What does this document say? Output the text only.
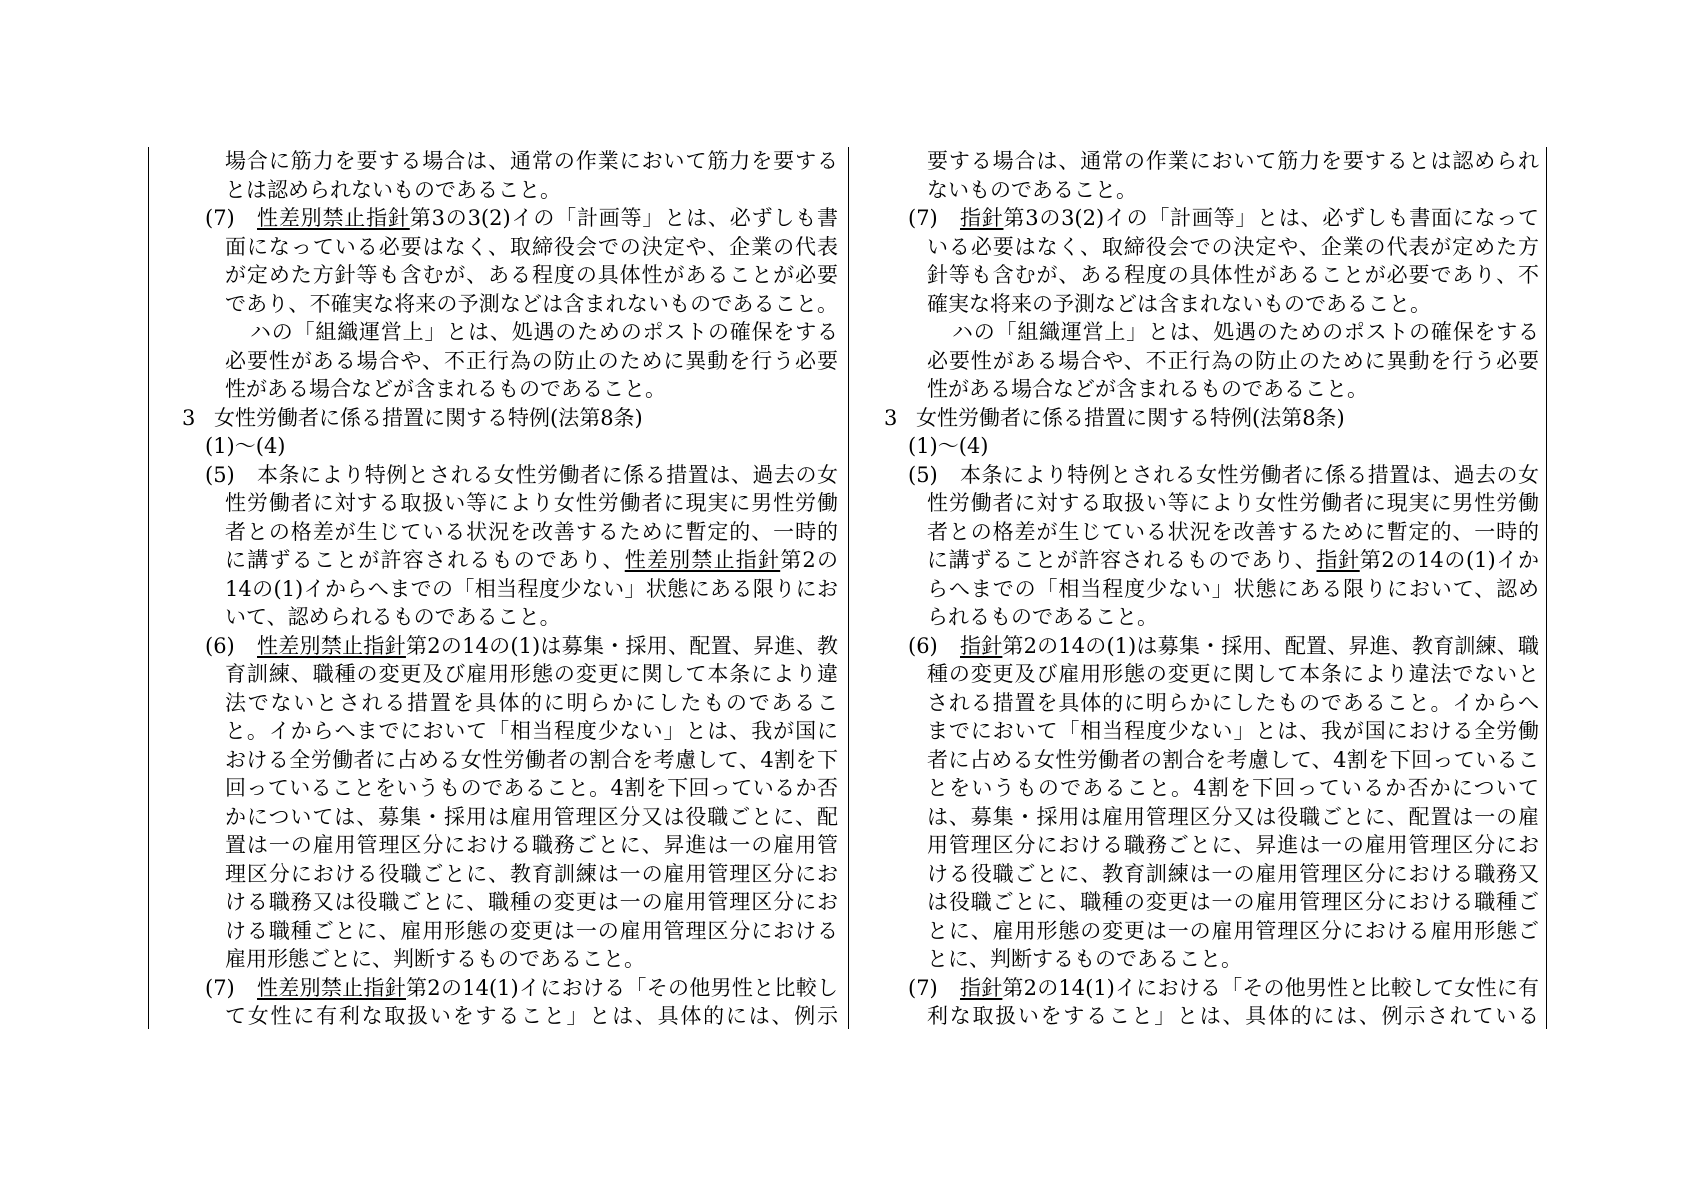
場合に筋力を要する場合は、通常の作業において筋力を要する
とは認められないものであること。
(7) 性差別禁止指針第3の3(2)イの「計画等」とは、必ずしも書
面になっている必要はなく、取締役会での決定や、企業の代表
が定めた方針等も含むが、ある程度の具体性があることが必要
であり、不確実な将来の予測などは含まれないものであること。
ハの「組織運営上」とは、処遇のためのポストの確保をする
必要性がある場合や、不正行為の防止のために異動を行う必要
性がある場合などが含まれるものであること。
3 女性労働者に係る措置に関する特例(法第8条)
(1)～(4)
(5) 本条により特例とされる女性労働者に係る措置は、過去の女
性労働者に対する取扱い等により女性労働者に現実に男性労働
者との格差が生じている状況を改善するために暫定的、一時的
に講ずることが許容されるものであり、性差別禁止指針第2の
14の(1)イからへまでの「相当程度少ない」状態にある限りにお
いて、認められるものであること。
(6) 性差別禁止指針第2の14の(1)は募集・採用、配置、昇進、教
育訓練、職種の変更及び雇用形態の変更に関して本条により違
法でないとされる措置を具体的に明らかにしたものであるこ
と。イからへまでにおいて「相当程度少ない」とは、我が国に
おける全労働者に占める女性労働者の割合を考慮して、4割を下
回っていることをいうものであること。4割を下回っているか否
かについては、募集・採用は雇用管理区分又は役職ごとに、配
置は一の雇用管理区分における職務ごとに、昇進は一の雇用管
理区分における役職ごとに、教育訓練は一の雇用管理区分にお
ける職務又は役職ごとに、職種の変更は一の雇用管理区分にお
ける職種ごとに、雇用形態の変更は一の雇用管理区分における
雇用形態ごとに、判断するものであること。
(7) 性差別禁止指針第2の14(1)イにおける「その他男性と比較し
て女性に有利な取扱いをすること」とは、具体的には、例示
要する場合は、通常の作業において筋力を要するとは認められ
ないものであること。
(7) 指針第3の3(2)イの「計画等」とは、必ずしも書面になって
いる必要はなく、取締役会での決定や、企業の代表が定めた方
針等も含むが、ある程度の具体性があることが必要であり、不
確実な将来の予測などは含まれないものであること。
ハの「組織運営上」とは、処遇のためのポストの確保をする
必要性がある場合や、不正行為の防止のために異動を行う必要
性がある場合などが含まれるものであること。
3 女性労働者に係る措置に関する特例(法第8条)
(1)～(4)
(5) 本条により特例とされる女性労働者に係る措置は、過去の女
性労働者に対する取扱い等により女性労働者に現実に男性労働
者との格差が生じている状況を改善するために暫定的、一時的
に講ずることが許容されるものであり、指針第2の14の(1)イか
らへまでの「相当程度少ない」状態にある限りにおいて、認め
られるものであること。
(6) 指針第2の14の(1)は募集・採用、配置、昇進、教育訓練、職
種の変更及び雇用形態の変更に関して本条により違法でないと
される措置を具体的に明らかにしたものであること。イからへ
までにおいて「相当程度少ない」とは、我が国における全労働
者に占める女性労働者の割合を考慮して、4割を下回っているこ
とをいうものであること。4割を下回っているか否かについて
は、募集・採用は雇用管理区分又は役職ごとに、配置は一の雇
用管理区分における職務ごとに、昇進は一の雇用管理区分にお
ける役職ごとに、教育訓練は一の雇用管理区分における職務又
は役職ごとに、職種の変更は一の雇用管理区分における職種ご
とに、雇用形態の変更は一の雇用管理区分における雇用形態ご
とに、判断するものであること。
(7) 指針第2の14(1)イにおける「その他男性と比較して女性に有
利な取扱いをすること」とは、具体的には、例示されている
